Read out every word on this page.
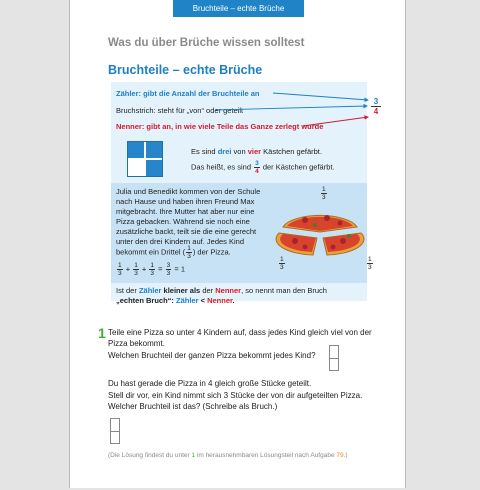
Bruchteile – echte Brüche
Was du über Brüche wissen solltest
Bruchteile – echte Brüche
Zähler: gibt die Anzahl der Bruchteile an
Bruchstrich: steht für „von“ oder geteilt
Nenner: gibt an, in wie viele Teile das Ganze zerlegt wurde
$\frac{3}{4}$
Es sind drei von vier Kästchen gefärbt.
Das heißt, es sind $\frac{3}{4}$ der Kästchen gefärbt.
Julia und Benedikt kommen von der Schule
nach Hause und haben ihren Freund Max
mitgebracht. Ihre Mutter hat aber nur eine
Pizza gebacken. Während sie noch eine
zusätzliche backt, teilt sie die eine gerecht
unter den drei Kindern auf. Jedes Kind
bekommt ein Drittel ( $\frac{1}{3}$ ) der Pizza.
$\frac{1}{3} + \frac{1}{3} + \frac{1}{3} = \frac{3}{3} = 1$
$\frac{1}{3}$
$\frac{1}{3}$	$\frac{1}{3}$
Ist der Zähler kleiner als der Nenner, so nennt man den Bruch
„echten Bruch“: Zähler < Nenner.
1 Teile eine Pizza so unter 4 Kindern auf, dass jedes Kind gleich viel von der
Pizza bekommt.
Welchen Bruchteil der ganzen Pizza bekommt jedes Kind?
Du hast gerade die Pizza in 4 gleich große Stücke geteilt.
Stell dir vor, ein Kind nimmt sich 3 Stücke der von dir aufgeteilten Pizza.
Welcher Bruchteil ist das? (Schreibe als Bruch.)
(Die Lösung findest du unter 1 im herausnehmbaren Lösungsteil nach Aufgabe 79.)
